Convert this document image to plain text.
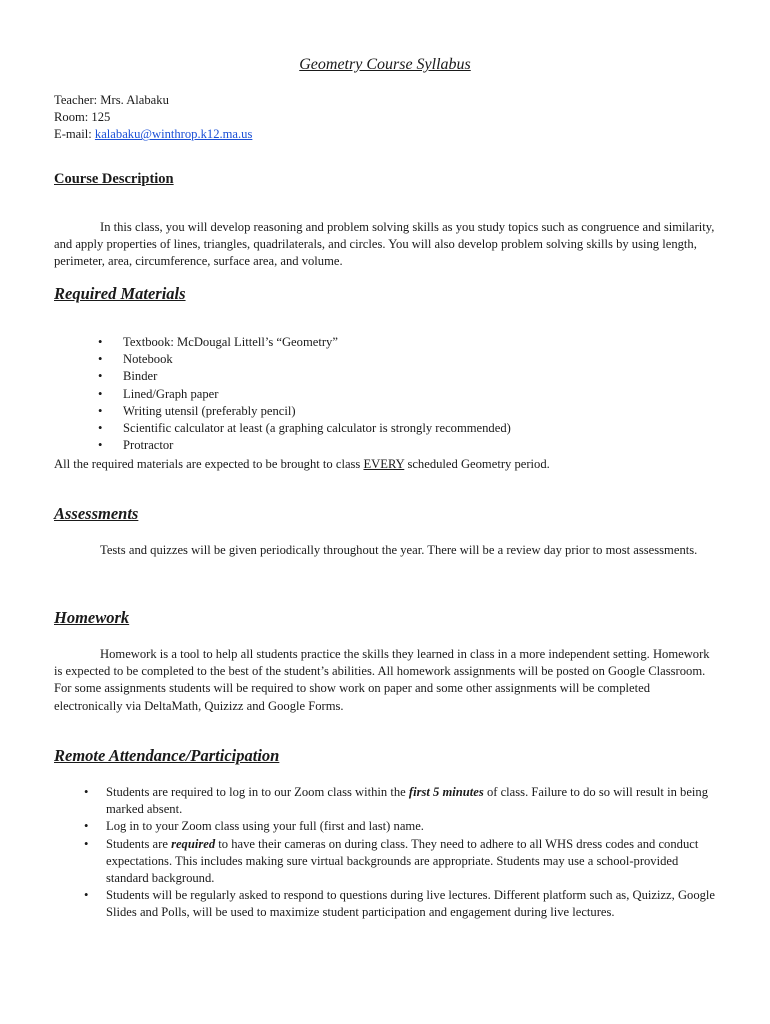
Geometry Course Syllabus
Teacher: Mrs. Alabaku
Room: 125
E-mail: kalabaku@winthrop.k12.ma.us
Course Description

In this class, you will develop reasoning and problem solving skills as you study topics such as congruence and similarity, and apply properties of lines, triangles, quadrilaterals, and circles. You will also develop problem solving skills by using length, perimeter, area, circumference, surface area, and volume.

Required Materials
• Textbook: McDougal Littell’s “Geometry”
• Notebook
• Binder
• Lined/Graph paper
• Writing utensil (preferably pencil)
• Scientific calculator at least (a graphing calculator is strongly recommended)
• Protractor
All the required materials are expected to be brought to class EVERY scheduled Geometry period.
Assessments

Tests and quizzes will be given periodically throughout the year. There will be a review day prior to most assessments.

Homework

Homework is a tool to help all students practice the skills they learned in class in a more independent setting. Homework is expected to be completed to the best of the student’s abilities. All homework assignments will be posted on Google Classroom. For some assignments students will be required to show work on paper and some other assignments will be completed electronically via DeltaMath, Quizizz and Google Forms.

Remote Attendance/Participation
• Students are required to log in to our Zoom class within the first 5 minutes of class. Failure to do so will result in being marked absent.
• Log in to your Zoom class using your full (first and last) name.
• Students are required to have their cameras on during class. They need to adhere to all WHS dress codes and conduct expectations. This includes making sure virtual backgrounds are appropriate. Students may use a school-provided standard background.
• Students will be regularly asked to respond to questions during live lectures. Different platform such as, Quizizz, Google Slides and Polls, will be used to maximize student participation and engagement during live lectures.
